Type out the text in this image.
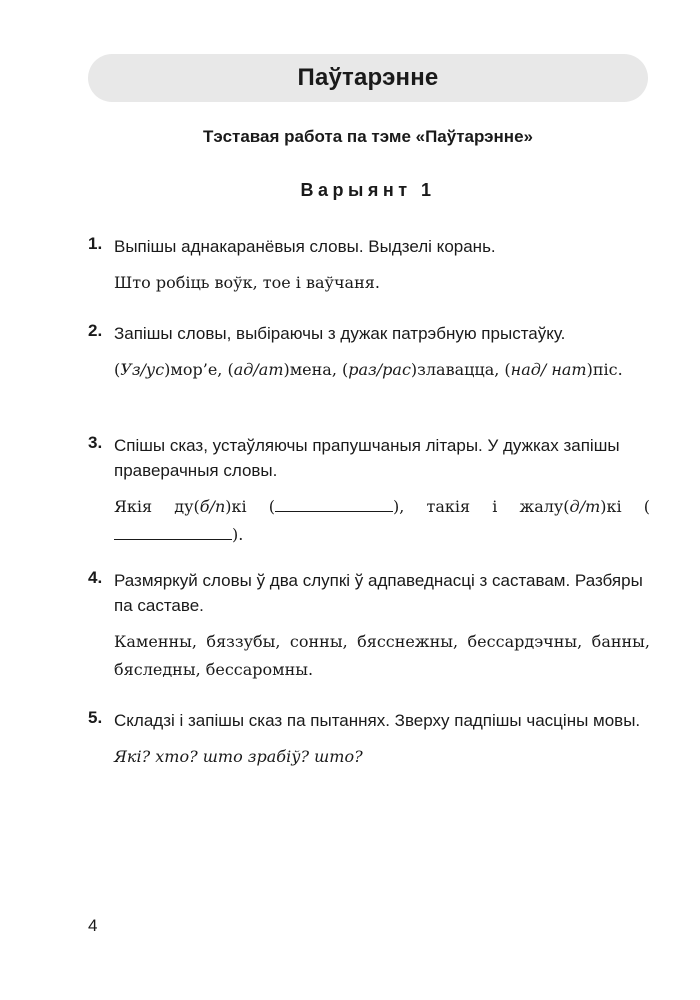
Паўтарэнне
Тэставая работа па тэме «Паўтарэнне»
Варыянт 1
1. Выпішы аднакаранёвыя словы. Выдзелі корань.
Што робіць воўк, тое і ваўчаня.
2. Запішы словы, выбіраючы з дужак патрэбную прыстаўку.
(Уз/ус)мор’е, (ад/ат)мена, (раз/рас)злавацца, (над/ нат)піс.
3. Спішы сказ, устаўляючы прапушчаныя літары. У дужках запішы праверачныя словы.
Якія ду(б/п)кі (	), такія і жалу(д/т)кі ().
4. Размяркуй словы ў два слупкі ў адпаведнасці з саставам. Разбяры па саставе.
Каменны, бяззубы, сонны, бясснежны, бессардэчны, банны, бяследны, бессаромны.
5. Складзі і запішы сказ па пытаннях. Зверху падпішы часціны мовы.
Які? хто? што зрабіў? што?
4
